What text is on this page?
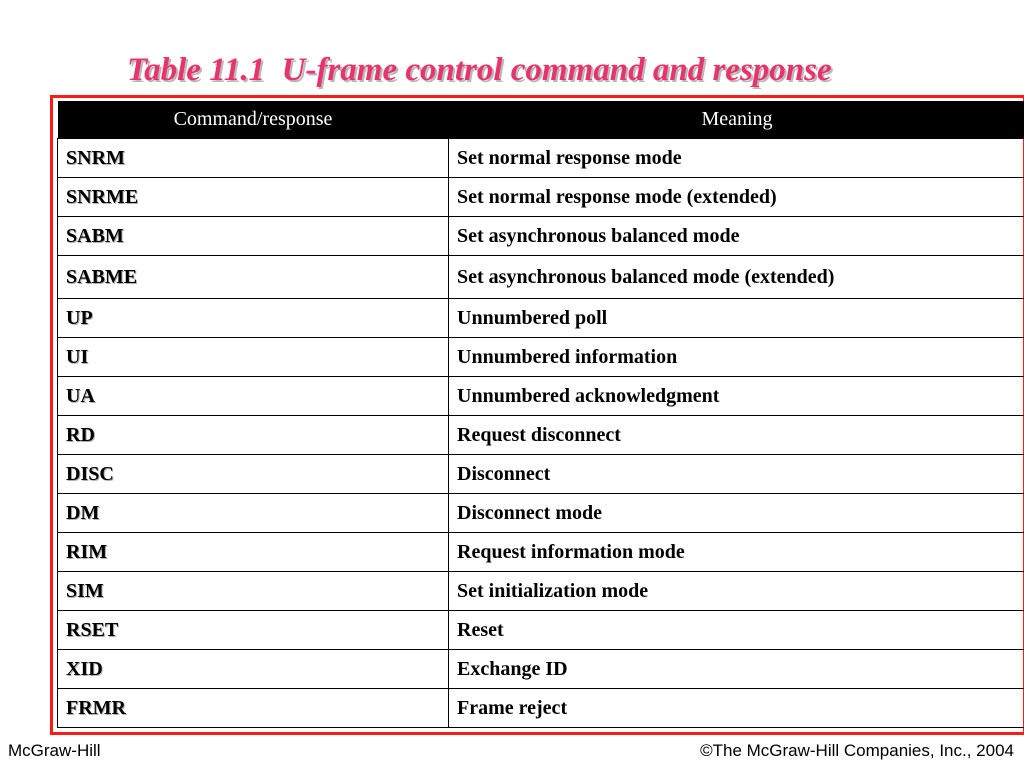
Table 11.1  U-frame control command and response
Command/response	Meaning
SNRM	Set normal response mode
SNRME	Set normal response mode (extended)
SABM	Set asynchronous balanced mode
SABME	Set asynchronous balanced mode (extended)
UP	Unnumbered poll
UI	Unnumbered information
UA	Unnumbered acknowledgment
RD	Request disconnect
DISC	Disconnect
DM	Disconnect mode
RIM	Request information mode
SIM	Set initialization mode
RSET	Reset
XID	Exchange ID
FRMR	Frame reject
McGraw-Hill	©The McGraw-Hill Companies, Inc., 2004
